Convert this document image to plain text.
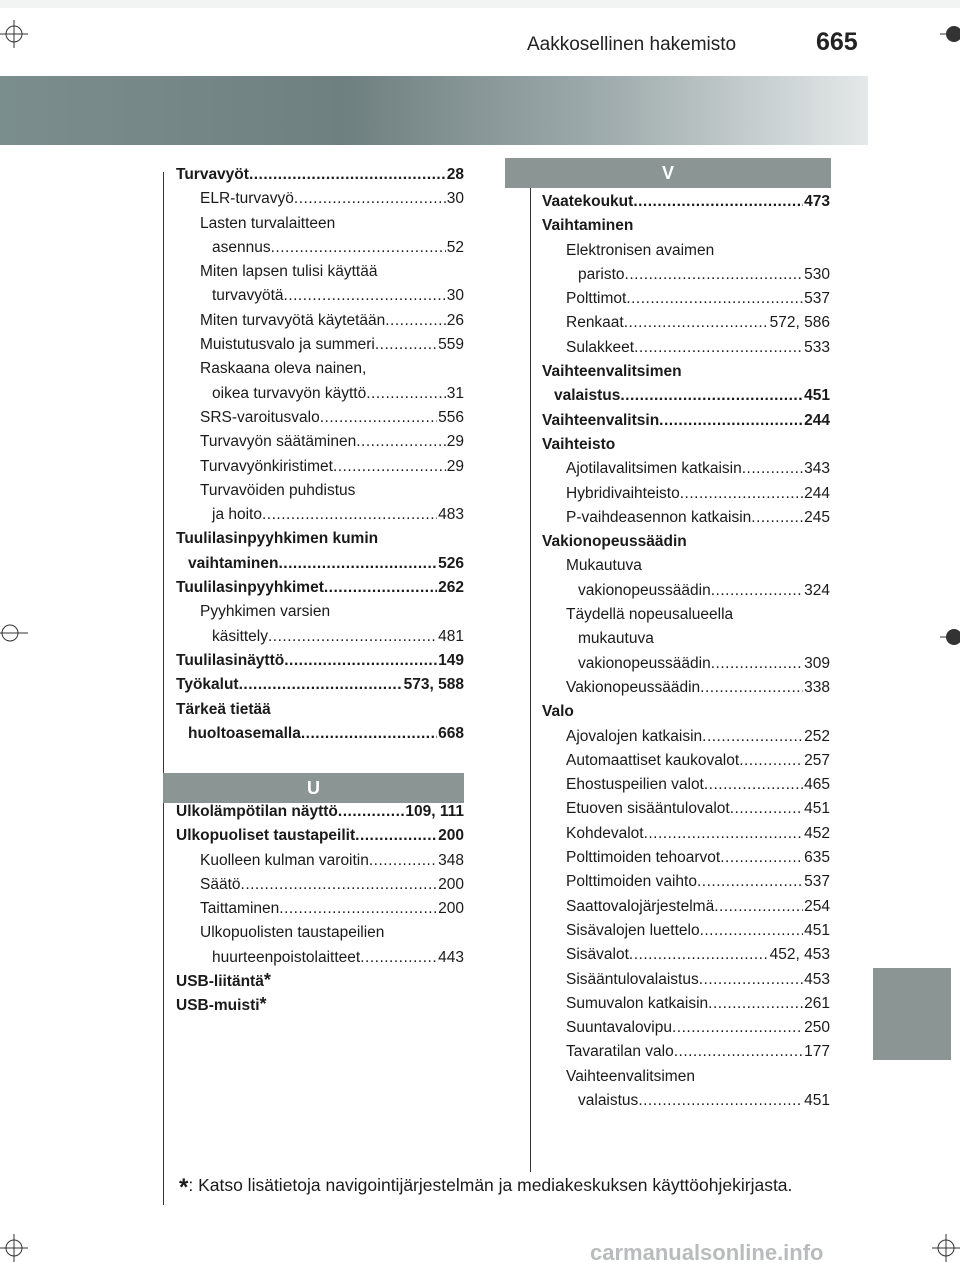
Aakkosellinen hakemisto	665
Turvavyöt .....	28
ELR-turvavyö .....	30
Lasten turvalaitteen
asennus .....	52
Miten lapsen tulisi käyttää
turvavyötä .....	30
Miten turvavyötä käytetään .....	26
Muistutusvalo ja summeri .....	559
Raskaana oleva nainen,
oikea turvavyön käyttö .....	31
SRS-varoitusvalo .....	556
Turvavyön säätäminen .....	29
Turvavyönkiristimet .....	29
Turvavöiden puhdistus
ja hoito .....	483
Tuulilasinpyyhkimen kumin
vaihtaminen .....	526
Tuulilasinpyyhkimet .....	262
Pyyhkimen varsien
käsittely .....	481
Tuulilasinäyttö .....	149
Työkalut .....	573, 588
Tärkeä tietää
huoltoasemalla .....	668
U
Ulkolämpötilan näyttö .....	109, 111
Ulkopuoliset taustapeilit .....	200
Kuolleen kulman varoitin .....	348
Säätö .....	200
Taittaminen .....	200
Ulkopuolisten taustapeilien
huurteenpoistolaitteet .....	443
USB-liitäntä *
USB-muisti *
V
Vaatekoukut .....	473
Vaihtaminen
Elektronisen avaimen
paristo .....	530
Polttimot .....	537
Renkaat .....	572, 586
Sulakkeet .....	533
Vaihteenvalitsimen
valaistus .....	451
Vaihteenvalitsin .....	244
Vaihteisto
Ajotilavalitsimen katkaisin .....	343
Hybridivaihteisto .....	244
P-vaihdeasennon katkaisin .....	245
Vakionopeussäädin
Mukautuva
vakionopeussäädin .....	324
Täydellä nopeusalueella
mukautuva
vakionopeussäädin .....	309
Vakionopeussäädin .....	338
Valo
Ajovalojen katkaisin .....	252
Automaattiset kaukovalot .....	257
Ehostuspeilien valot .....	465
Etuoven sisääntulovalot .....	451
Kohdevalot .....	452
Polttimoiden tehoarvot .....	635
Polttimoiden vaihto .....	537
Saattovalojärjestelmä .....	254
Sisävalojen luettelo .....	451
Sisävalot .....	452, 453
Sisääntulovalaistus .....	453
Sumuvalon katkaisin .....	261
Suuntavalovipu .....	250
Tavaratilan valo .....	177
Vaihteenvalitsimen
valaistus .....	451
*: Katso lisätietoja navigointijärjestelmän ja mediakeskuksen käyttöohjekirjasta.
carmanualsonline.info
